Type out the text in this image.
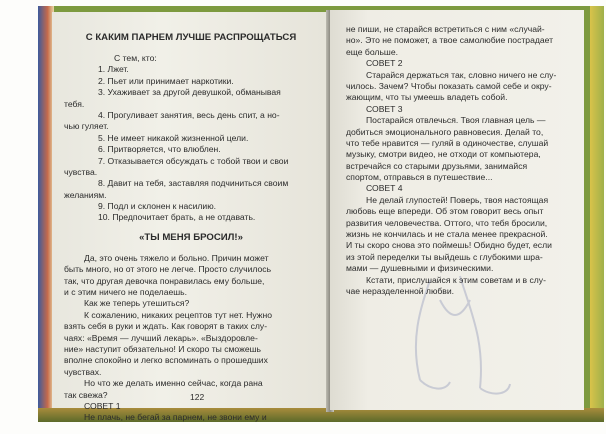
С КАКИМ ПАРНЕМ ЛУЧШЕ РАСПРОЩАТЬСЯ
С тем, кто:
1. Лжет.
2. Пьет или принимает наркотики.
3. Ухаживает за другой девушкой, обманывая
тебя.
4. Прогуливает занятия, весь день спит, а но-
чью гуляет.
5. Не имеет никакой жизненной цели.
6. Притворяется, что влюблен.
7. Отказывается обсуждать с тобой твои и свои
чувства.
8. Давит на тебя, заставляя подчиниться своим
желаниям.
9. Подл и склонен к насилию.
10. Предпочитает брать, а не отдавать.
«ТЫ МЕНЯ БРОСИЛ!»
Да, это очень тяжело и больно. Причин может
быть много, но от этого не легче. Просто случилось
так, что другая девочка понравилась ему больше,
и с этим ничего не поделаешь.
Как же теперь утешиться?
К сожалению, никаких рецептов тут нет. Нужно
взять себя в руки и ждать. Как говорят в таких слу-
чаях: «Время — лучший лекарь». «Выздоровле-
ние» наступит обязательно! И скоро ты сможешь
вполне спокойно и легко вспоминать о прошедших
чувствах.
Но что же делать именно сейчас, когда рана
так свежа?
СОВЕТ 1
Не плачь, не бегай за парнем, не звони ему и
122
не пиши, не старайся встретиться с ним «случай-
но». Это не поможет, а твое самолюбие пострадает
еще больше.
СОВЕТ 2
Старайся держаться так, словно ничего не слу-
чилось. Зачем? Чтобы показать самой себе и окру-
жающим, что ты умеешь владеть собой.
СОВЕТ 3
Постарайся отвлечься. Твоя главная цель —
добиться эмоционального равновесия. Делай то,
что тебе нравится — гуляй в одиночестве, слушай
музыку, смотри видео, не отходи от компьютера,
встречайся со старыми друзьями, занимайся
спортом, отправься в путешествие...
СОВЕТ 4
Не делай глупостей! Поверь, твоя настоящая
любовь еще впереди. Об этом говорит весь опыт
развития человечества. Оттого, что тебя бросили,
жизнь не кончилась и не стала менее прекрасной.
И ты скоро снова это поймешь! Обидно будет, если
из этой переделки ты выйдешь с глубокими шра-
мами — душевными и физическими.
Кстати, прислушайся к этим советам и в слу-
чае неразделенной любви.
